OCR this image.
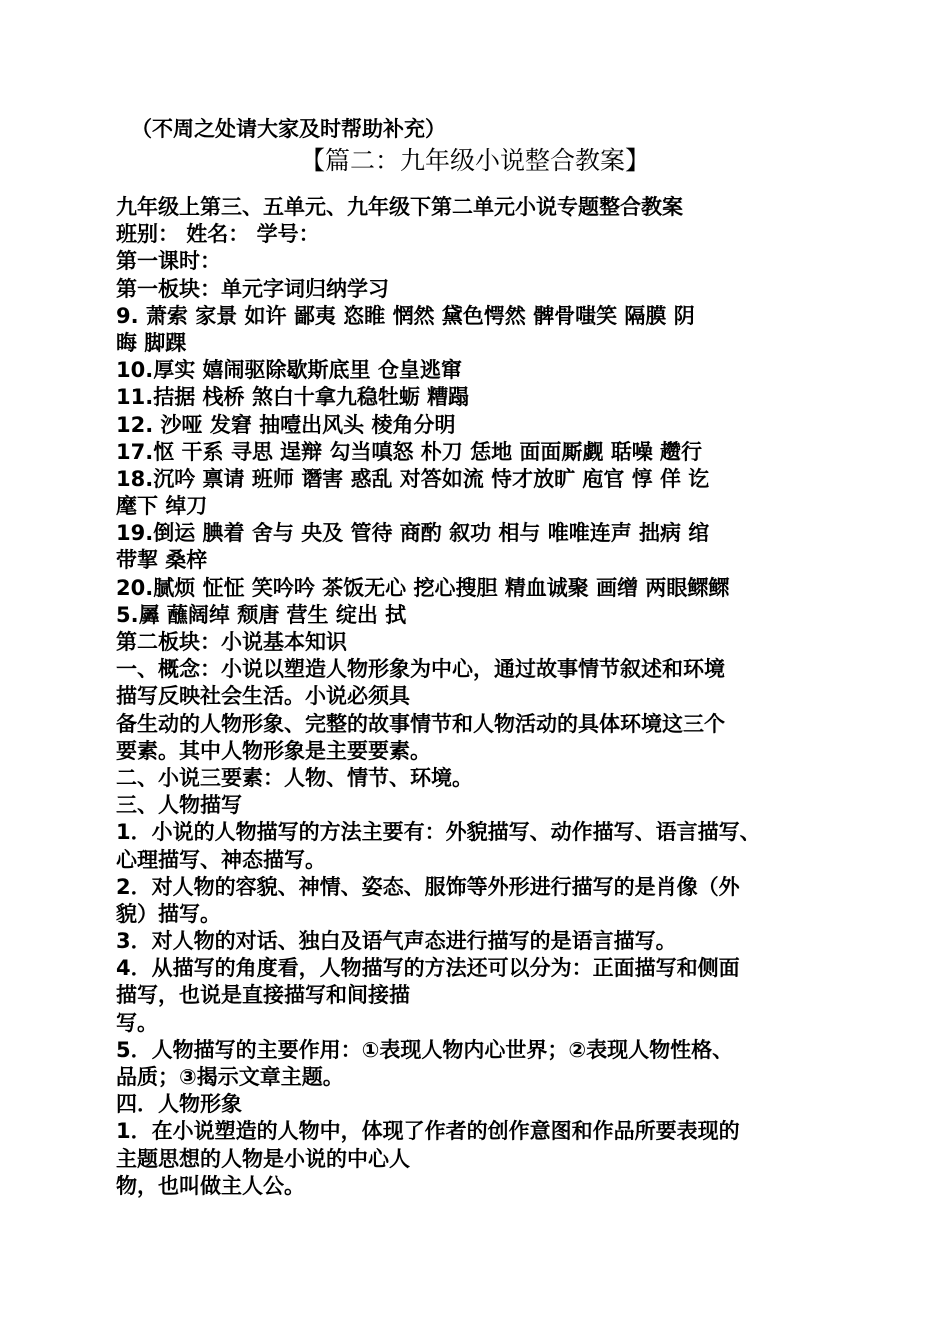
（不周之处请大家及时帮助补充）
【篇二：九年级小说整合教案】
九年级上第三、五单元、九年级下第二单元小说专题整合教案
班别： 姓名： 学号：
第一课时：
第一板块：单元字词归纳学习
9. 萧索 家景 如许 鄙夷 恣睢 惘然 黛色愕然 髀骨嗤笑 隔膜 阴
晦 脚踝
10.厚实 嬉闹驱除歇斯底里 仓皇逃窜
11.拮据 栈桥 煞白十拿九稳牡蛎 糟蹋
12. 沙哑 发窘 抽噎出风头 棱角分明
17.怄 干系 寻思 逞辩 勾当嗔怒 朴刀 恁地 面面厮觑 聒噪 趱行
18.沉吟 禀请 班师 谮害 惑乱 对答如流 恃才放旷 庖官 惇 佯 讫
麾下 绰刀
19.倒运 腆着 舍与 央及 管待 商酌 叙功 相与 唯唯连声 拙病 绾
带挈 桑梓
20.腻烦 怔怔 笑吟吟 茶饭无心 挖心搜胆 精血诚聚 画缯 两眼鳏鳏
5.羼 蘸阔绰 颓唐 营生 绽出 拭
第二板块：小说基本知识
一、概念：小说以塑造人物形象为中心，通过故事情节叙述和环境
描写反映社会生活。小说必须具
备生动的人物形象、完整的故事情节和人物活动的具体环境这三个
要素。其中人物形象是主要要素。
二、小说三要素：人物、情节、环境。
三、人物描写
1．小说的人物描写的方法主要有：外貌描写、动作描写、语言描写、
心理描写、神态描写。
2．对人物的容貌、神情、姿态、服饰等外形进行描写的是肖像（外
貌）描写。
3．对人物的对话、独白及语气声态进行描写的是语言描写。
4．从描写的角度看，人物描写的方法还可以分为：正面描写和侧面
描写，也说是直接描写和间接描
写。
5．人物描写的主要作用：①表现人物内心世界；②表现人物性格、
品质；③揭示文章主题。
四．人物形象
1．在小说塑造的人物中，体现了作者的创作意图和作品所要表现的
主题思想的人物是小说的中心人
物，也叫做主人公。
